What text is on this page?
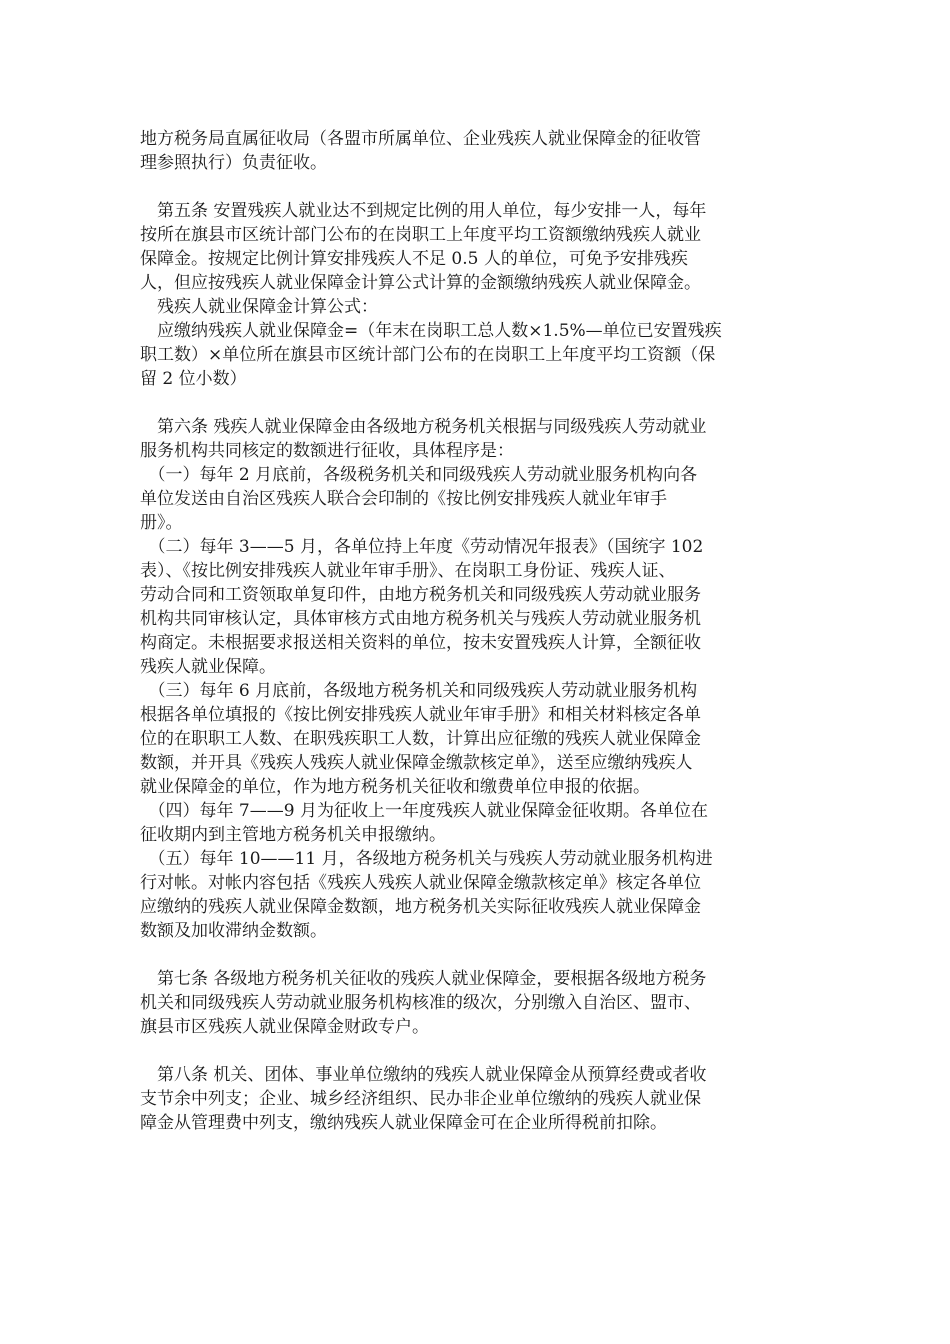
地方税务局直属征收局（各盟市所属单位、企业残疾人就业保障金的征收管
理参照执行）负责征收。
　第五条 安置残疾人就业达不到规定比例的用人单位，每少安排一人，每年
按所在旗县市区统计部门公布的在岗职工上年度平均工资额缴纳残疾人就业
保障金。按规定比例计算安排残疾人不足 0.5 人的单位，可免予安排残疾
人，但应按残疾人就业保障金计算公式计算的金额缴纳残疾人就业保障金。
　残疾人就业保障金计算公式：
　应缴纳残疾人就业保障金=（年末在岗职工总人数×1.5%—单位已安置残疾
职工数）×单位所在旗县市区统计部门公布的在岗职工上年度平均工资额（保
留 2 位小数）
　第六条 残疾人就业保障金由各级地方税务机关根据与同级残疾人劳动就业
服务机构共同核定的数额进行征收，具体程序是：
　（一）每年 2 月底前，各级税务机关和同级残疾人劳动就业服务机构向各
单位发送由自治区残疾人联合会印制的《按比例安排残疾人就业年审手
册》。
　（二）每年 3——5 月，各单位持上年度《劳动情况年报表》（国统字 102
表）、《按比例安排残疾人就业年审手册》、在岗职工身份证、残疾人证、
劳动合同和工资领取单复印件，由地方税务机关和同级残疾人劳动就业服务
机构共同审核认定，具体审核方式由地方税务机关与残疾人劳动就业服务机
构商定。未根据要求报送相关资料的单位，按未安置残疾人计算，全额征收
残疾人就业保障。
　（三）每年 6 月底前，各级地方税务机关和同级残疾人劳动就业服务机构
根据各单位填报的《按比例安排残疾人就业年审手册》和相关材料核定各单
位的在职职工人数、在职残疾职工人数，计算出应征缴的残疾人就业保障金
数额，并开具《残疾人残疾人就业保障金缴款核定单》，送至应缴纳残疾人
就业保障金的单位，作为地方税务机关征收和缴费单位申报的依据。
　（四）每年 7——9 月为征收上一年度残疾人就业保障金征收期。各单位在
征收期内到主管地方税务机关申报缴纳。
　（五）每年 10——11 月，各级地方税务机关与残疾人劳动就业服务机构进
行对帐。对帐内容包括《残疾人残疾人就业保障金缴款核定单》核定各单位
应缴纳的残疾人就业保障金数额，地方税务机关实际征收残疾人就业保障金
数额及加收滞纳金数额。
　第七条 各级地方税务机关征收的残疾人就业保障金，要根据各级地方税务
机关和同级残疾人劳动就业服务机构核准的级次，分别缴入自治区、盟市、
旗县市区残疾人就业保障金财政专户。
　第八条 机关、团体、事业单位缴纳的残疾人就业保障金从预算经费或者收
支节余中列支；企业、城乡经济组织、民办非企业单位缴纳的残疾人就业保
障金从管理费中列支，缴纳残疾人就业保障金可在企业所得税前扣除。
